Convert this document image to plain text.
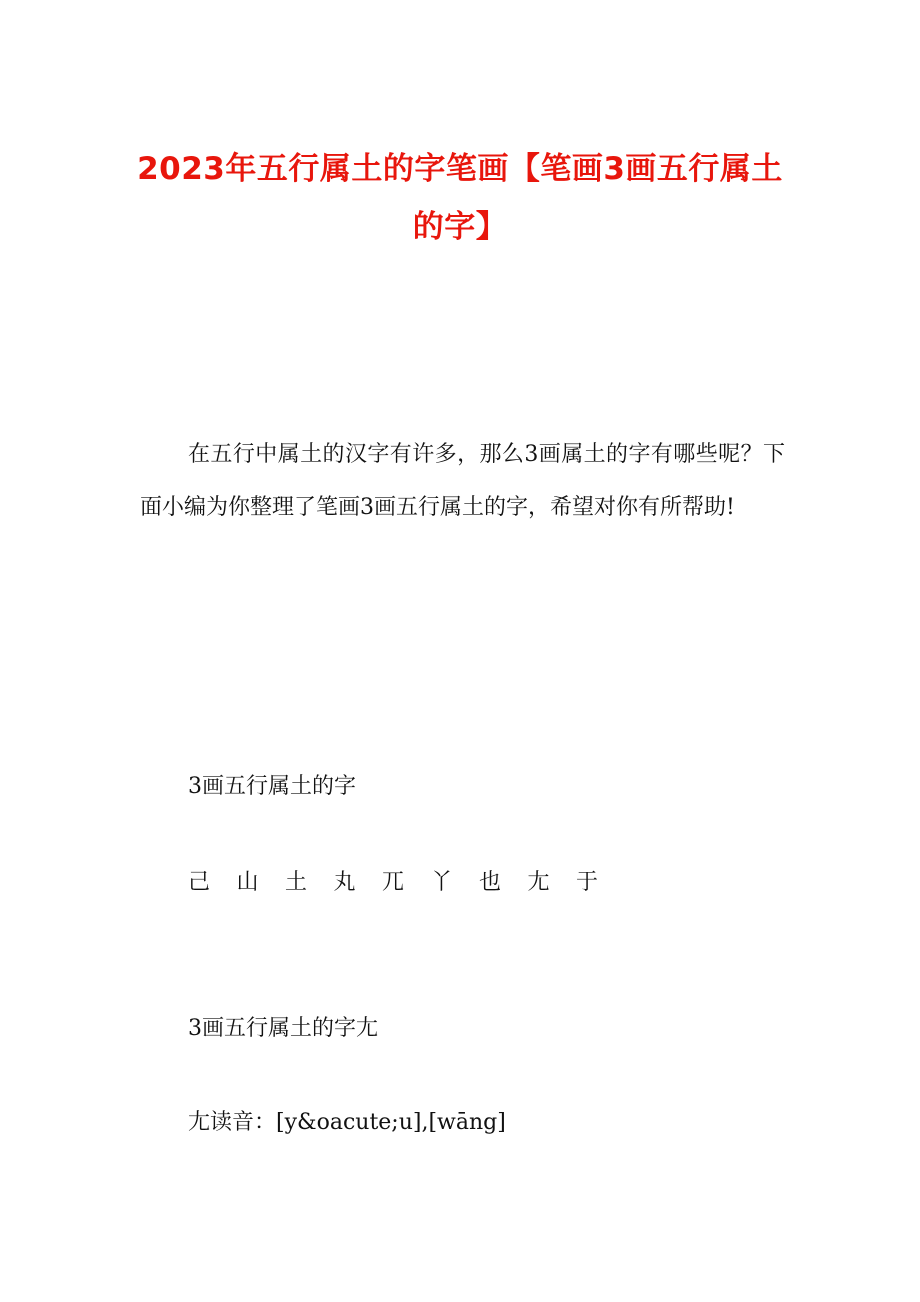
2023年五行属土的字笔画【笔画3画五行属土的字】

在五行中属土的汉字有许多，那么3画属土的字有哪些呢？下面小编为你整理了笔画3画五行属土的字，希望对你有所帮助!

3画五行属土的字

己	山	土	丸	兀	丫	也	尢	于

3画五行属土的字尢

尢读音：[y&oacute;u],[wāng]
